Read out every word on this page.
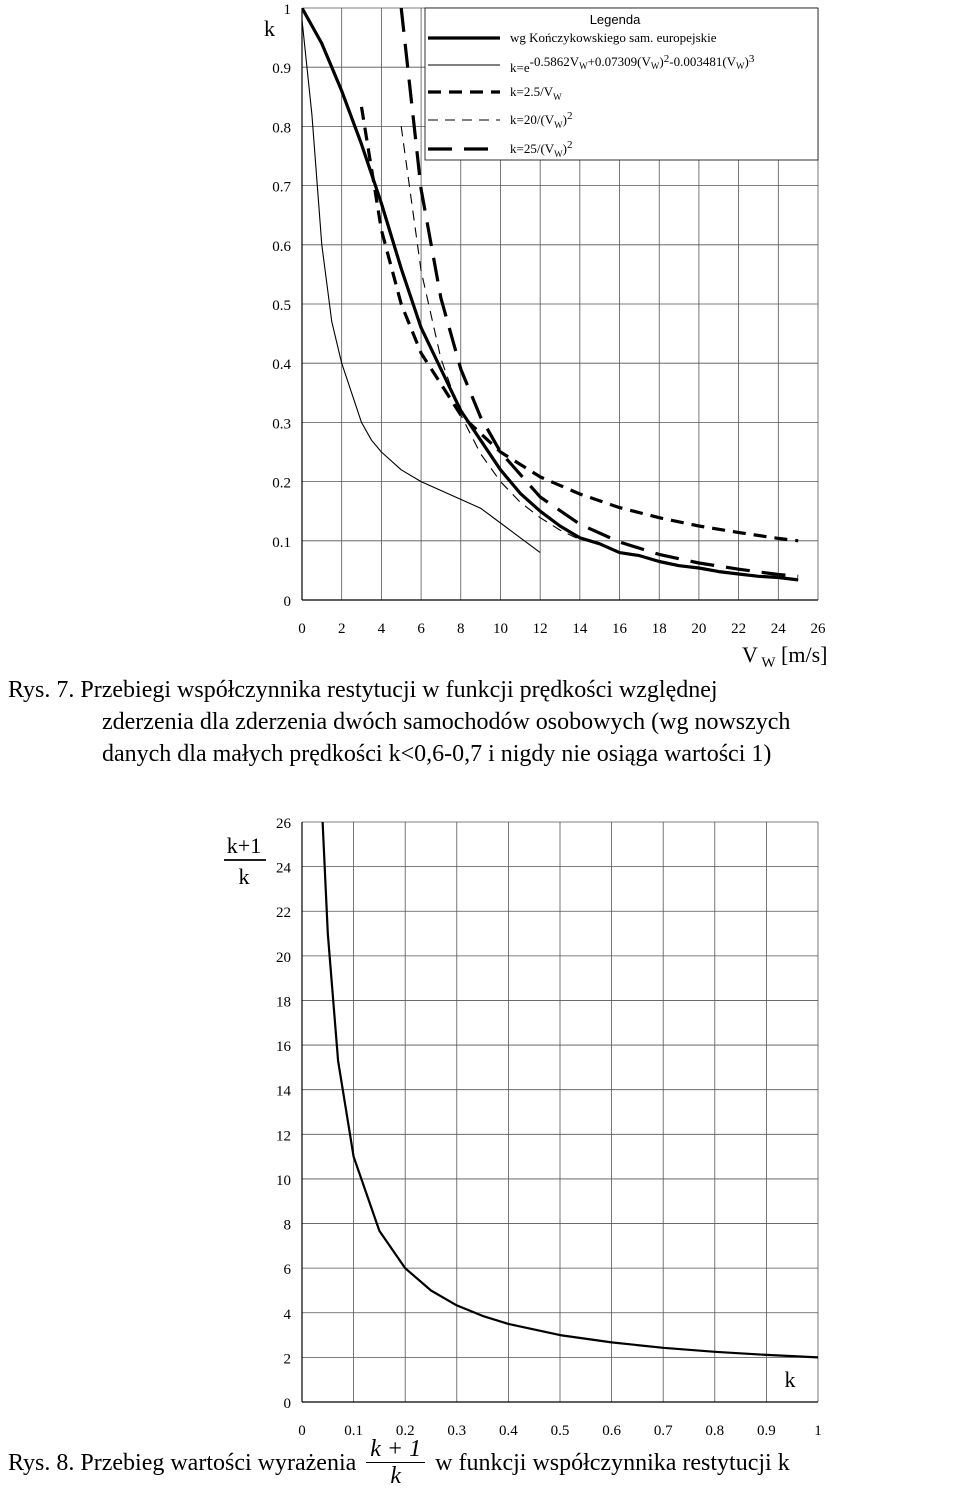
0 2 4 6 8 10 12 14 16 18 20 22 24 26
0
0.1
0.2
0.3
0.4
0.5
0.6
0.7
0.8
0.9
1
k
V $_W$ [m/s]
Legenda
wg Kończykowskiego sam. europejskie
$k=e-0.5862V_W+0.07309(V_W)^2-0.003481(V_W)^3$
$k=2.5/V_W$
$k=20/(V_W)^2$
$k=25/(V_W)^2$
Rys. 7. Przebiegi współczynnika restytucji w funkcji prędkości względnej
zderzenia dla zderzenia dwóch samochodów osobowych (wg nowszych
danych dla małych prędkości k<0,6-0,7 i nigdy nie osiąga wartości 1)
0	0.1 0.2 0.3 0.4 0.5 0.6 0.7 0.8 0.9	1
0
2
4
6
8
10
12
14
16
18
20
22
24
26
k+1
k
k
Rys. 8. Przebieg wartości wyrażenia $\frac{k + 1}{k}$ w funkcji współczynnika restytucji k
